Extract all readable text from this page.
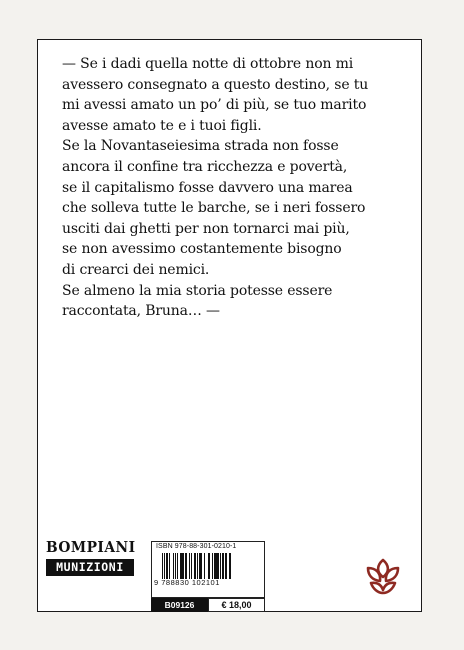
— Se i dadi quella notte di ottobre non mi
avessero consegnato a questo destino, se tu
mi avessi amato un po’ di più, se tuo marito
avesse amato te e i tuoi figli.
Se la Novantaseiesima strada non fosse
ancora il confine tra ricchezza e povertà,
se il capitalismo fosse davvero una marea
che solleva tutte le barche, se i neri fossero
usciti dai ghetti per non tornarci mai più,
se non avessimo costantemente bisogno
di crearci dei nemici.
Se almeno la mia storia potesse essere
raccontata, Bruna… —
BOMPIANI
MUNIZIONI
ISBN 978-88-301-0210-1
9 788830 102101
B09126	€ 18,00
